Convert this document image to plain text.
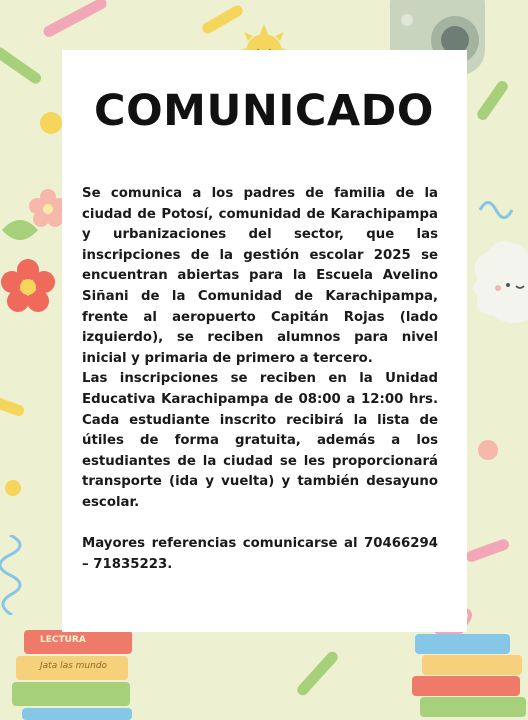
LECTURA
Jata las mundo
COMUNICADO

Se comunica a los padres de familia de la ciudad de Potosí, comunidad de Karachipampa y urbanizaciones del sector, que las inscripciones de la gestión escolar 2025 se encuentran abiertas para la Escuela Avelino Siñani de la Comunidad de Karachipampa, frente al aeropuerto Capitán Rojas (lado izquierdo), se reciben alumnos para nivel inicial y primaria de primero a tercero.

Las inscripciones se reciben en la Unidad Educativa Karachipampa de 08:00 a 12:00 hrs. Cada estudiante inscrito recibirá la lista de útiles de forma gratuita, además a los estudiantes de la ciudad se les proporcionará transporte (ida y vuelta) y también desayuno escolar.

Mayores referencias comunicarse al 70466294 – 71835223.
